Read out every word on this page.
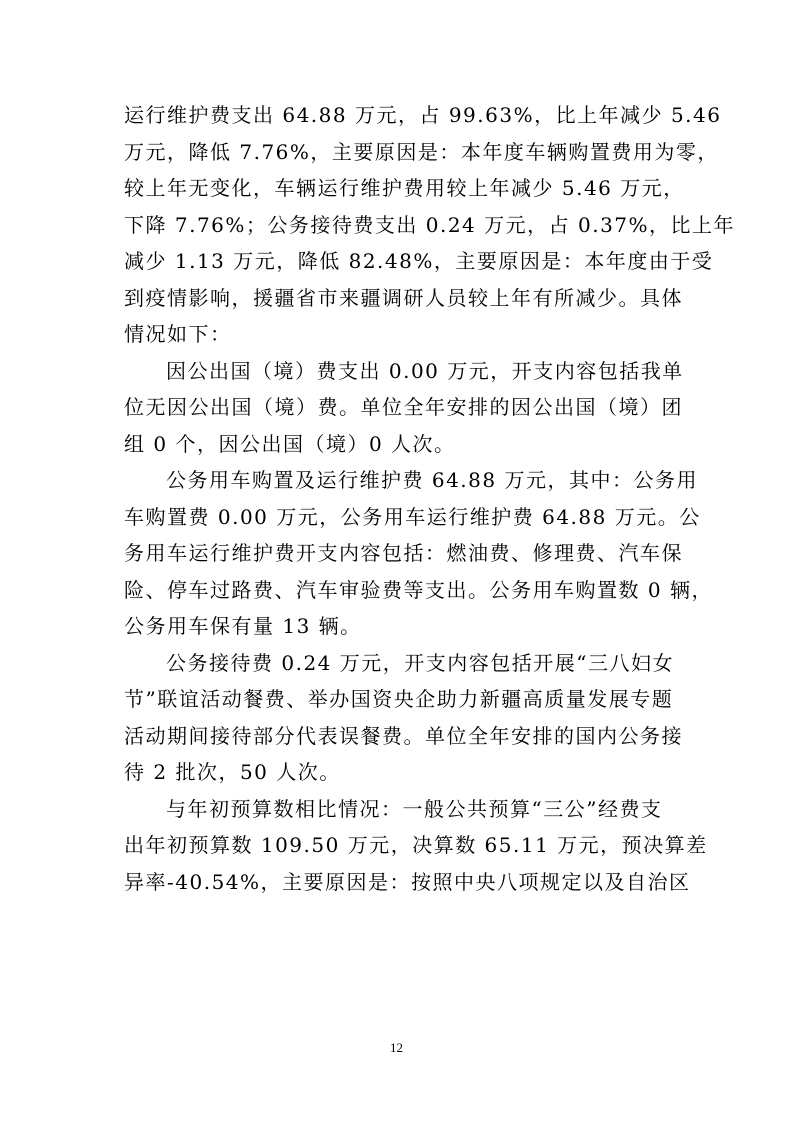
运行维护费支出 64.88 万元，占 99.63%，比上年减少 5.46
万元，降低 7.76%，主要原因是：本年度车辆购置费用为零，
较上年无变化，车辆运行维护费用较上年减少 5.46 万元，
下降 7.76%；公务接待费支出 0.24 万元，占 0.37%，比上年
减少 1.13 万元，降低 82.48%，主要原因是：本年度由于受
到疫情影响，援疆省市来疆调研人员较上年有所减少。具体
情况如下：
因公出国（境）费支出 0.00 万元，开支内容包括我单
位无因公出国（境）费。单位全年安排的因公出国（境）团
组 0 个，因公出国（境）0 人次。
公务用车购置及运行维护费 64.88 万元，其中：公务用
车购置费 0.00 万元，公务用车运行维护费 64.88 万元。公
务用车运行维护费开支内容包括：燃油费、修理费、汽车保
险、停车过路费、汽车审验费等支出。公务用车购置数 0 辆，
公务用车保有量 13 辆。
公务接待费 0.24 万元，开支内容包括开展“三八妇女
节”联谊活动餐费、举办国资央企助力新疆高质量发展专题
活动期间接待部分代表误餐费。单位全年安排的国内公务接
待 2 批次，50 人次。
与年初预算数相比情况：一般公共预算“三公”经费支
出年初预算数 109.50 万元，决算数 65.11 万元，预决算差
异率-40.54%，主要原因是：按照中央八项规定以及自治区
12
